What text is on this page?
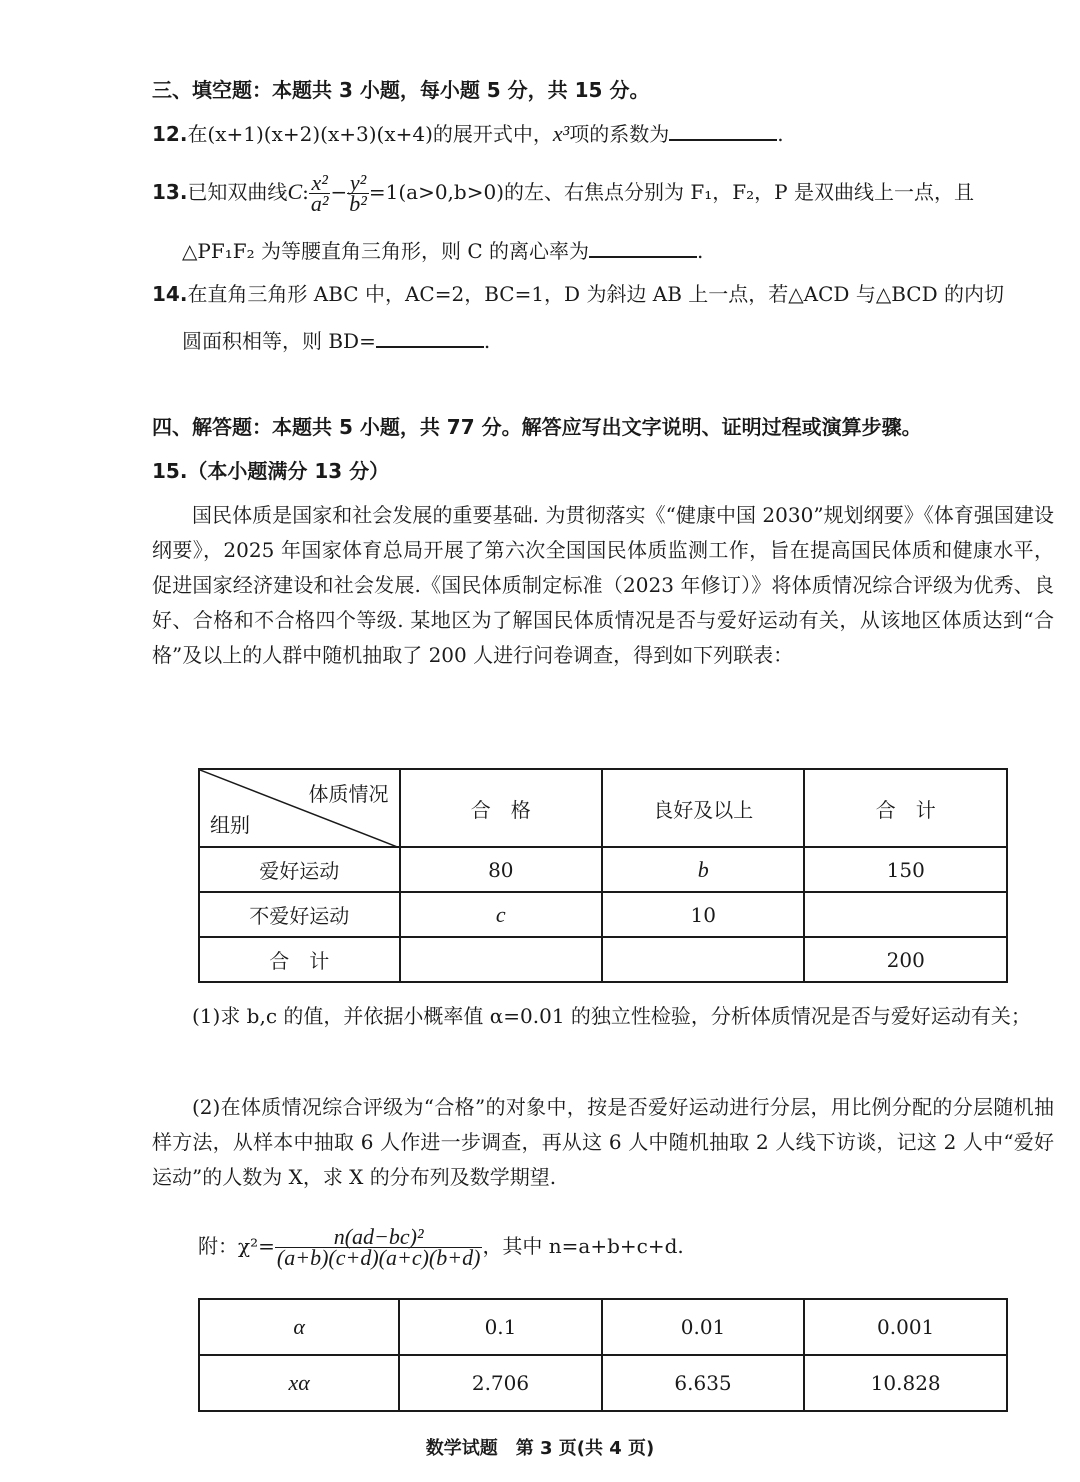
三、填空题：本题共 3 小题，每小题 5 分，共 15 分。
12.在(x+1)(x+2)(x+3)(x+4)的展开式中，x³项的系数为	.
13.已知双曲线C: $\frac{\text{x²}}{\text{a²}} - \frac{\text{y²}}{\text{b²}} =1(a>0,b>0)$的左、右焦点分别为 F₁，F₂，P 是双曲线上一点，且
△PF₁F₂ 为等腰直角三角形，则 C 的离心率为	.
14.在直角三角形 ABC 中，AC=2，BC=1，D 为斜边 AB 上一点，若△ACD 与△BCD 的内切
圆面积相等，则 BD=	.
四、解答题：本题共 5 小题，共 77 分。解答应写出文字说明、证明过程或演算步骤。
15.（本小题满分 13 分）
国民体质是国家和社会发展的重要基础. 为贯彻落实《“健康中国 2030”规划纲要》《体育强国建设纲要》，2025 年国家体育总局开展了第六次全国国民体质监测工作，旨在提高国民体质和健康水平，促进国家经济建设和社会发展.《国民体质制定标准（2023 年修订）》将体质情况综合评级为优秀、良好、合格和不合格四个等级. 某地区为了解国民体质情况是否与爱好运动有关，从该地区体质达到“合格”及以上的人群中随机抽取了 200 人进行问卷调查，得到如下列联表：
体质情况
组别	合　格	良好及以上	合　计
爱好运动	80	b	150
不爱好运动	c	10	
合　计			200
(1)求 b,c 的值，并依据小概率值 α=0.01 的独立性检验，分析体质情况是否与爱好运动有关；
(2)在体质情况综合评级为“合格”的对象中，按是否爱好运动进行分层，用比例分配的分层随机抽样方法，从样本中抽取 6 人作进一步调查，再从这 6 人中随机抽取 2 人线下访谈，记这 2 人中“爱好运动”的人数为 X，求 X 的分布列及数学期望.
附：$\chi^2= \frac{\text{n(ad−bc)²}}{(a+b)(c+d)(a+c)(b+d)}$ ，其中 n=a+b+c+d.
α	0.1	0.01	0.001
xα	2.706	6.635	10.828
数学试题　第 3 页(共 4 页)
